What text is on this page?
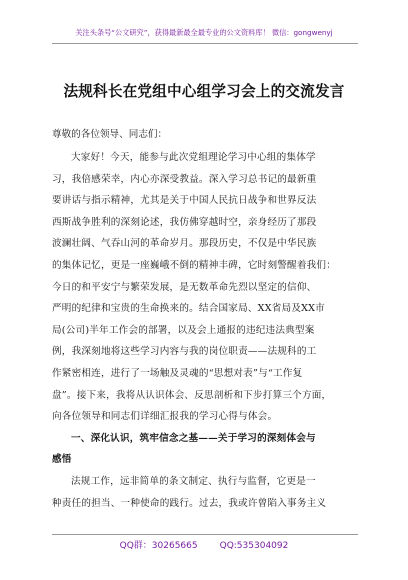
关注头条号“公文研究”，获得最新最全最专业的公文资料库！ 微信：gongwenyj
法规科长在党组中心组学习会上的交流发言
尊敬的各位领导、同志们：
大家好！今天，能参与此次党组理论学习中心组的集体学
习，我倍感荣幸，内心亦深受教益。深入学习总书记的最新重
要讲话与指示精神，尤其是关于中国人民抗日战争和世界反法
西斯战争胜利的深刻论述，我仿佛穿越时空，亲身经历了那段
波澜壮阔、气吞山河的革命岁月。那段历史，不仅是中华民族
的集体记忆，更是一座巍峨不倒的精神丰碑，它时刻警醒着我们：
今日的和平安宁与繁荣发展，是无数革命先烈以坚定的信仰、
严明的纪律和宝贵的生命换来的。结合国家局、XX省局及XX市
局(公司)半年工作会的部署，以及会上通报的违纪违法典型案
例，我深刻地将这些学习内容与我的岗位职责——法规科的工
作紧密相连，进行了一场触及灵魂的“思想对表”与“工作复
盘”。接下来，我将从认识体会、反思剖析和下步打算三个方面，
向各位领导和同志们详细汇报我的学习心得与体会。
一、深化认识，筑牢信念之基——关于学习的深刻体会与
感悟
法规工作，远非简单的条文制定、执行与监督，它更是一
种责任的担当、一种使命的践行。过去，我或许曾陷入事务主义
QQ群：30265665 QQ:535304092
